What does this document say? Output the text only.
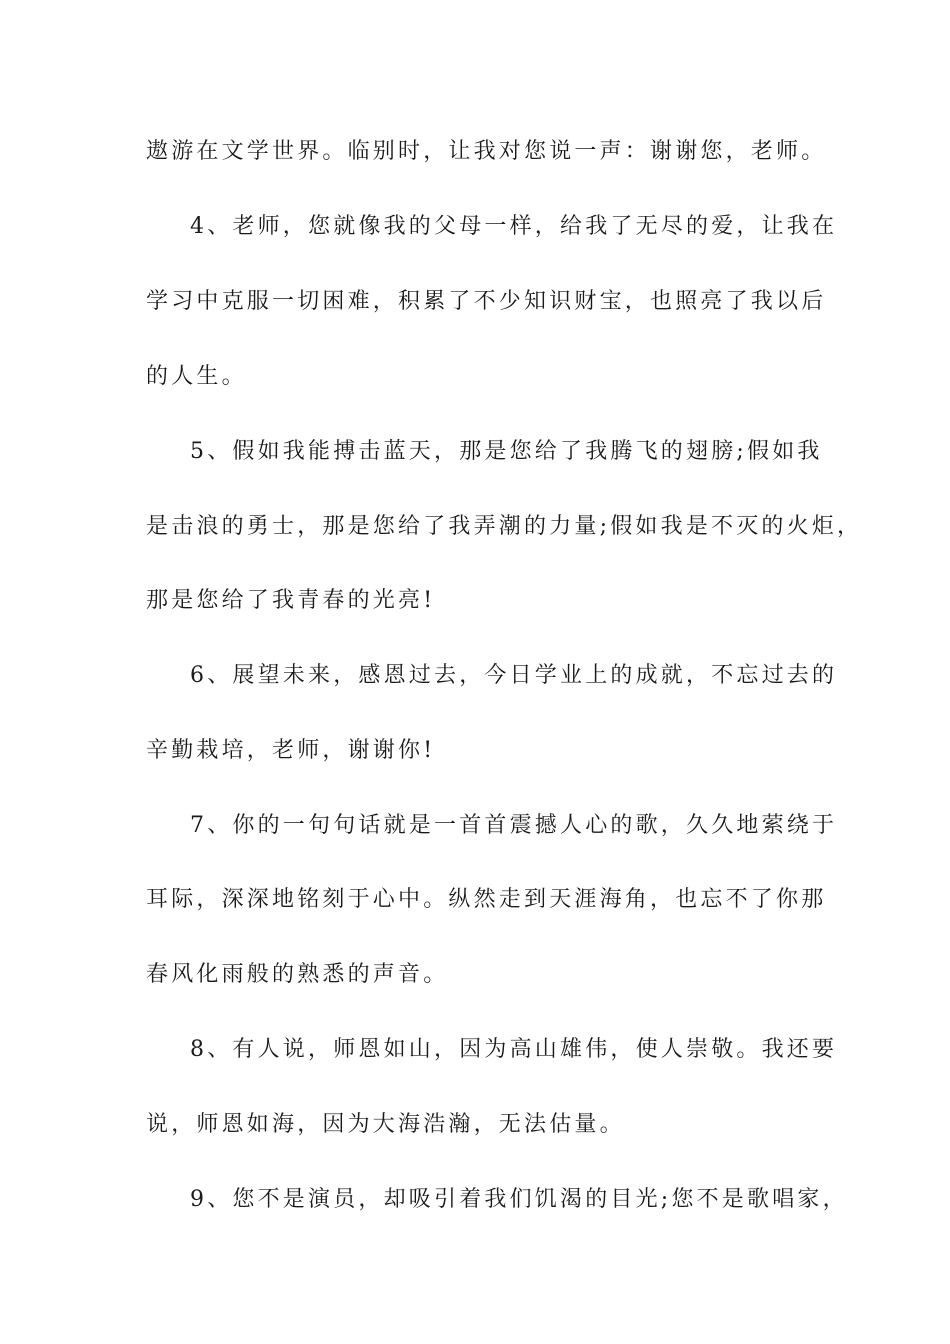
遨游在文学世界。临别时，让我对您说一声：谢谢您，老师。
4、老师，您就像我的父母一样，给我了无尽的爱，让我在
学习中克服一切困难，积累了不少知识财宝，也照亮了我以后
的人生。
5、假如我能搏击蓝天，那是您给了我腾飞的翅膀;假如我
是击浪的勇士，那是您给了我弄潮的力量;假如我是不灭的火炬，
那是您给了我青春的光亮!
6、展望未来，感恩过去，今日学业上的成就，不忘过去的
辛勤栽培，老师，谢谢你!
7、你的一句句话就是一首首震撼人心的歌，久久地萦绕于
耳际，深深地铭刻于心中。纵然走到天涯海角，也忘不了你那
春风化雨般的熟悉的声音。
8、有人说，师恩如山，因为高山雄伟，使人崇敬。我还要
说，师恩如海，因为大海浩瀚，无法估量。
9、您不是演员，却吸引着我们饥渴的目光;您不是歌唱家，
